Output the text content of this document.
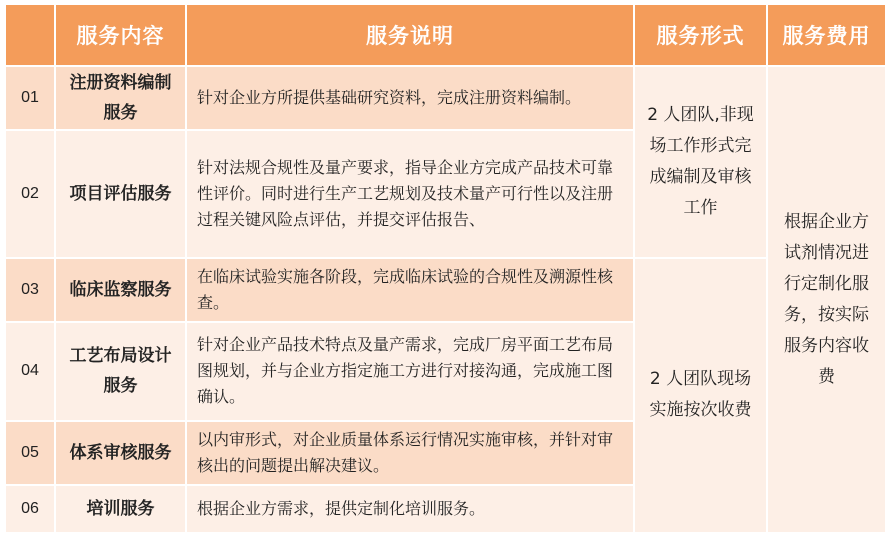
	服务内容	服务说明	服务形式	服务费用
01	注册资料编制服务	针对企业方所提供基础研究资料，完成注册资料编制。	2 人团队,非现场工作形式完成编制及审核工作	根据企业方试剂情况进行定制化服务，按实际服务内容收费
02	项目评估服务	针对法规合规性及量产要求，指导企业方完成产品技术可靠性评价。同时进行生产工艺规划及技术量产可行性以及注册过程关键风险点评估，并提交评估报告、		
03	临床监察服务	在临床试验实施各阶段，完成临床试验的合规性及溯源性核查。	2 人团队现场实施按次收费	
04	工艺布局设计服务	针对企业产品技术特点及量产需求，完成厂房平面工艺布局图规划，并与企业方指定施工方进行对接沟通，完成施工图确认。		
05	体系审核服务	以内审形式，对企业质量体系运行情况实施审核，并针对审核出的问题提出解决建议。		
06	培训服务	根据企业方需求，提供定制化培训服务。		
